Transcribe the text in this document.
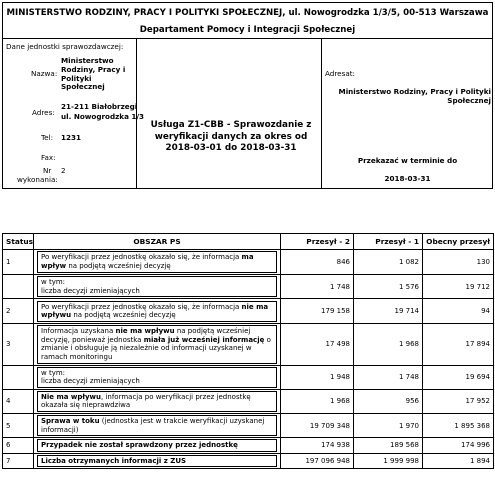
MINISTERSTWO RODZINY, PRACY I POLITYKI SPOŁECZNEJ, ul. Nowogrodzka 1/3/5, 00-513 Warszawa
Departament Pomocy i Integracji Społecznej
Dane jednostki sprawozdawczej:
Nazwa:
Ministerstwo Rodziny, Pracy i Polityki Społecznej
Adres:
21-211 Białobrzegi
ul. Nowogrodzka 1/3
Tel: 1231
Fax:
Nr
wykonania:
2
Usługa Z1-CBB - Sprawozdanie z weryfikacji danych za okres od 2018-03-01 do 2018-03-31
Adresat:
Ministerstwo Rodziny, Pracy i Polityki Społecznej
Przekazać w terminie do
2018-03-31
Status	OBSZAR PS	Przesył - 2	Przesył - 1	Obecny przesył
1	Po weryfikacji przez jednostkę okazało się, że informacja ma wpływ na podjętą wcześniej decyzję	846	1 082	130

	w tym:
liczba decyzji zmieniających	1 748	1 576	19 712
2	Po weryfikacji przez jednostkę okazało się, że informacja nie ma wpływu na podjętą wcześniej decyzję	179 158	19 714	94
3	Informacja uzyskana nie ma wpływu na podjętą wcześniej decyzję, ponieważ jednostka miała już wcześniej informację o zmianie i obsługuje ją niezależnie od informacji uzyskanej w ramach monitoringu	17 498	1 968	17 894

	w tym:
liczba decyzji zmieniających	1 948	1 748	19 694
4	Nie ma wpływu, informacja po weryfikacji przez jednostkę okazała się nieprawdziwa	1 968	956	17 952
5	Sprawa w toku (jednostka jest w trakcie weryfikacji uzyskanej informacji)	19 709 348	1 970	1 895 368
6	Przypadek nie został sprawdzony przez jednostkę	174 938	189 568	174 996
7	Liczba otrzymanych informacji z ZUS	197 096 948	1 999 998	1 894
